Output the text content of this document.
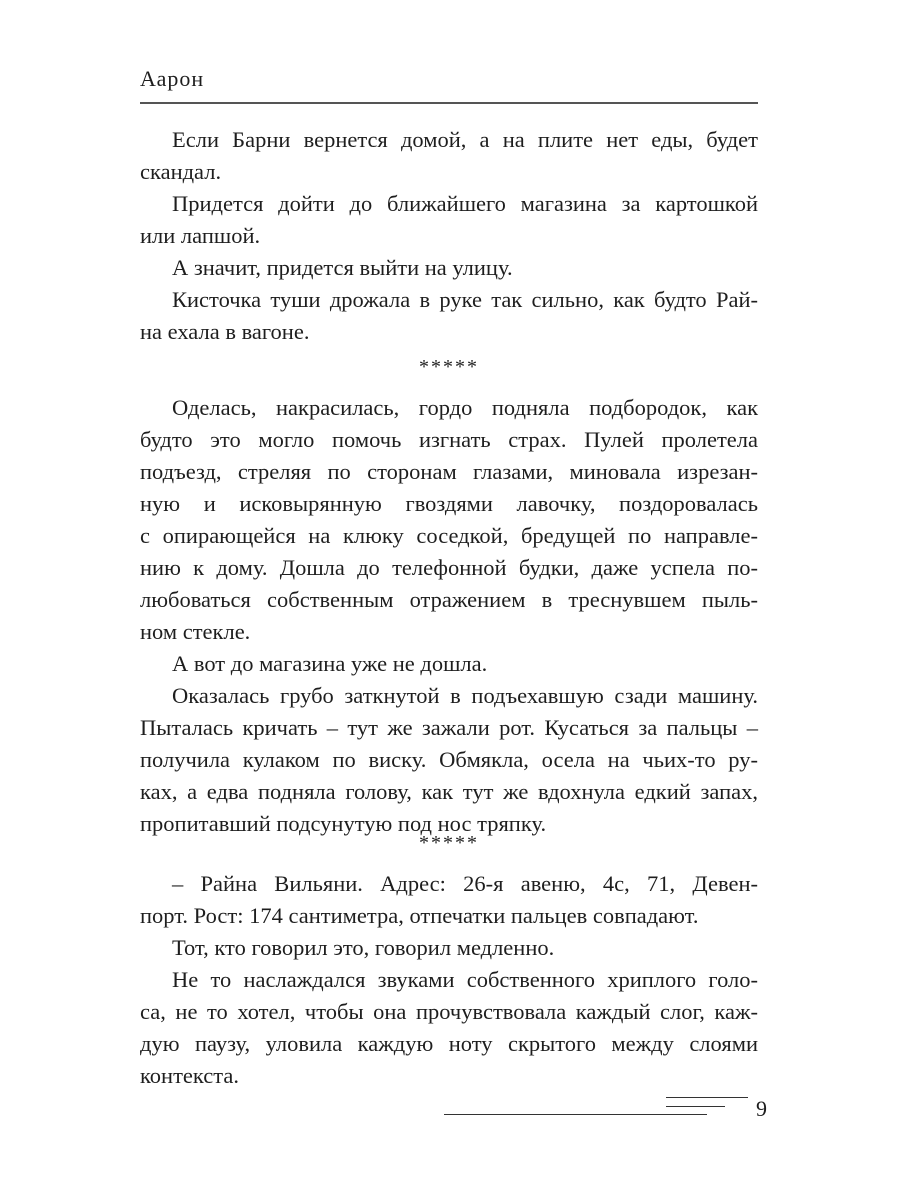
Аарон
Если Барни вернется домой, а на плите нет еды, будет
скандал.
Придется дойти до ближайшего магазина за картошкой
или лапшой.
А значит, придется выйти на улицу.
Кисточка туши дрожала в руке так сильно, как будто Рай-
на ехала в вагоне.
*****
Оделась, накрасилась, гордо подняла подбородок, как
будто это могло помочь изгнать страх. Пулей пролетела
подъезд, стреляя по сторонам глазами, миновала изрезан-
ную и исковырянную гвоздями лавочку, поздоровалась
с опирающейся на клюку соседкой, бредущей по направле-
нию к дому. Дошла до телефонной будки, даже успела по-
любоваться собственным отражением в треснувшем пыль-
ном стекле.
А вот до магазина уже не дошла.
Оказалась грубо заткнутой в подъехавшую сзади машину.
Пыталась кричать – тут же зажали рот. Кусаться за пальцы –
получила кулаком по виску. Обмякла, осела на чьих-то ру-
ках, а едва подняла голову, как тут же вдохнула едкий запах,
пропитавший подсунутую под нос тряпку.
*****
– Райна Вильяни. Адрес: 26-я авеню, 4с, 71, Девен-
порт. Рост: 174 сантиметра, отпечатки пальцев совпадают.
Тот, кто говорил это, говорил медленно.
Не то наслаждался звуками собственного хриплого голо-
са, не то хотел, чтобы она прочувствовала каждый слог, каж-
дую паузу, уловила каждую ноту скрытого между слоями
контекста.
9
